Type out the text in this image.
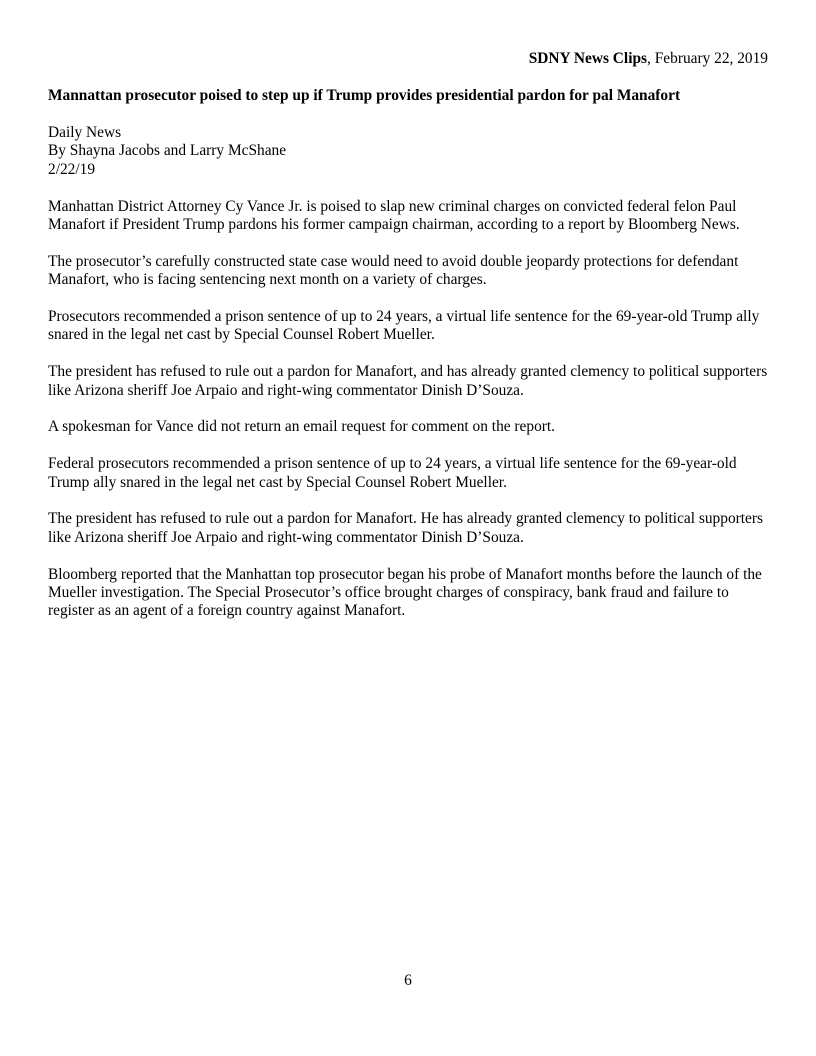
SDNY News Clips, February 22, 2019
Mannattan prosecutor poised to step up if Trump provides presidential pardon for pal Manafort
Daily News
By Shayna Jacobs and Larry McShane
2/22/19

Manhattan District Attorney Cy Vance Jr. is poised to slap new criminal charges on convicted federal felon Paul Manafort if President Trump pardons his former campaign chairman, according to a report by Bloomberg News.

The prosecutor’s carefully constructed state case would need to avoid double jeopardy protections for defendant Manafort, who is facing sentencing next month on a variety of charges.

Prosecutors recommended a prison sentence of up to 24 years, a virtual life sentence for the 69-year-old Trump ally snared in the legal net cast by Special Counsel Robert Mueller.

The president has refused to rule out a pardon for Manafort, and has already granted clemency to political supporters like Arizona sheriff Joe Arpaio and right-wing commentator Dinish D’Souza.

A spokesman for Vance did not return an email request for comment on the report.

Federal prosecutors recommended a prison sentence of up to 24 years, a virtual life sentence for the 69-year-old Trump ally snared in the legal net cast by Special Counsel Robert Mueller.

The president has refused to rule out a pardon for Manafort. He has already granted clemency to political supporters like Arizona sheriff Joe Arpaio and right-wing commentator Dinish D’Souza.

Bloomberg reported that the Manhattan top prosecutor began his probe of Manafort months before the launch of the Mueller investigation. The Special Prosecutor’s office brought charges of conspiracy, bank fraud and failure to register as an agent of a foreign country against Manafort.

6
